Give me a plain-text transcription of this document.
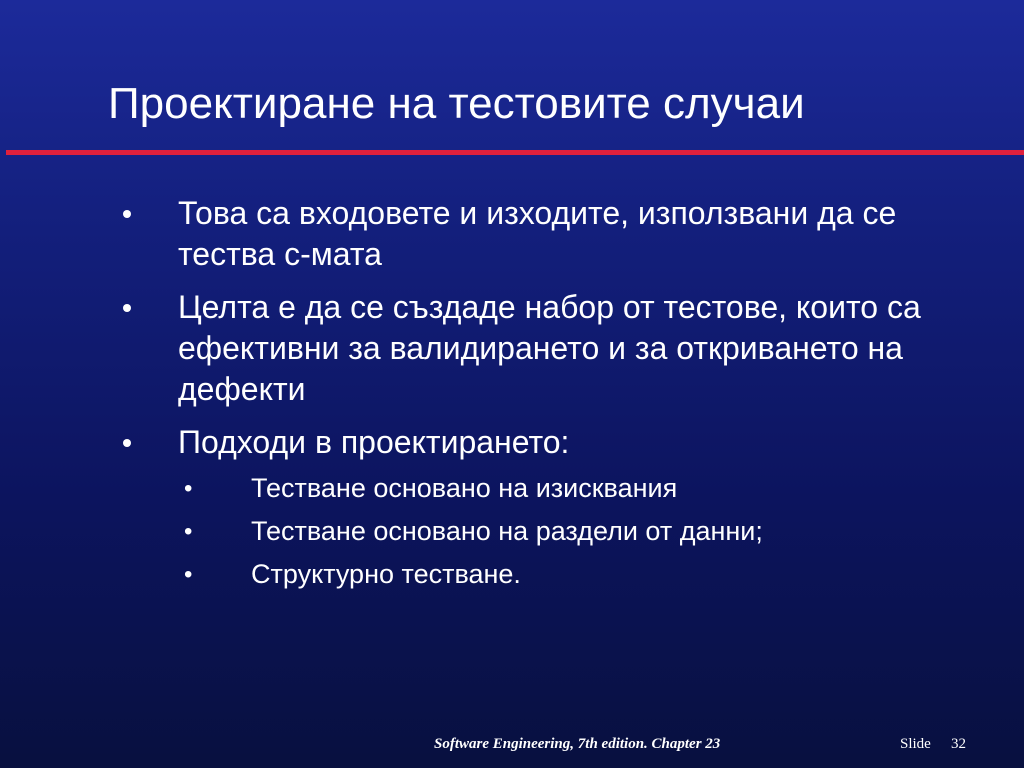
Проектиране на тестовите случаи
Това са входовете и изходите, използвани да се тества с-мата
Целта е да се създаде набор от тестове, които са ефективни за валидирането и за откриването на дефекти
Подходи в проектирането:
• Тестване основано на изисквания
• Тестване основано на раздели от данни;
• Структурно тестване.
Software Engineering, 7th edition. Chapter 23	Slide 32
